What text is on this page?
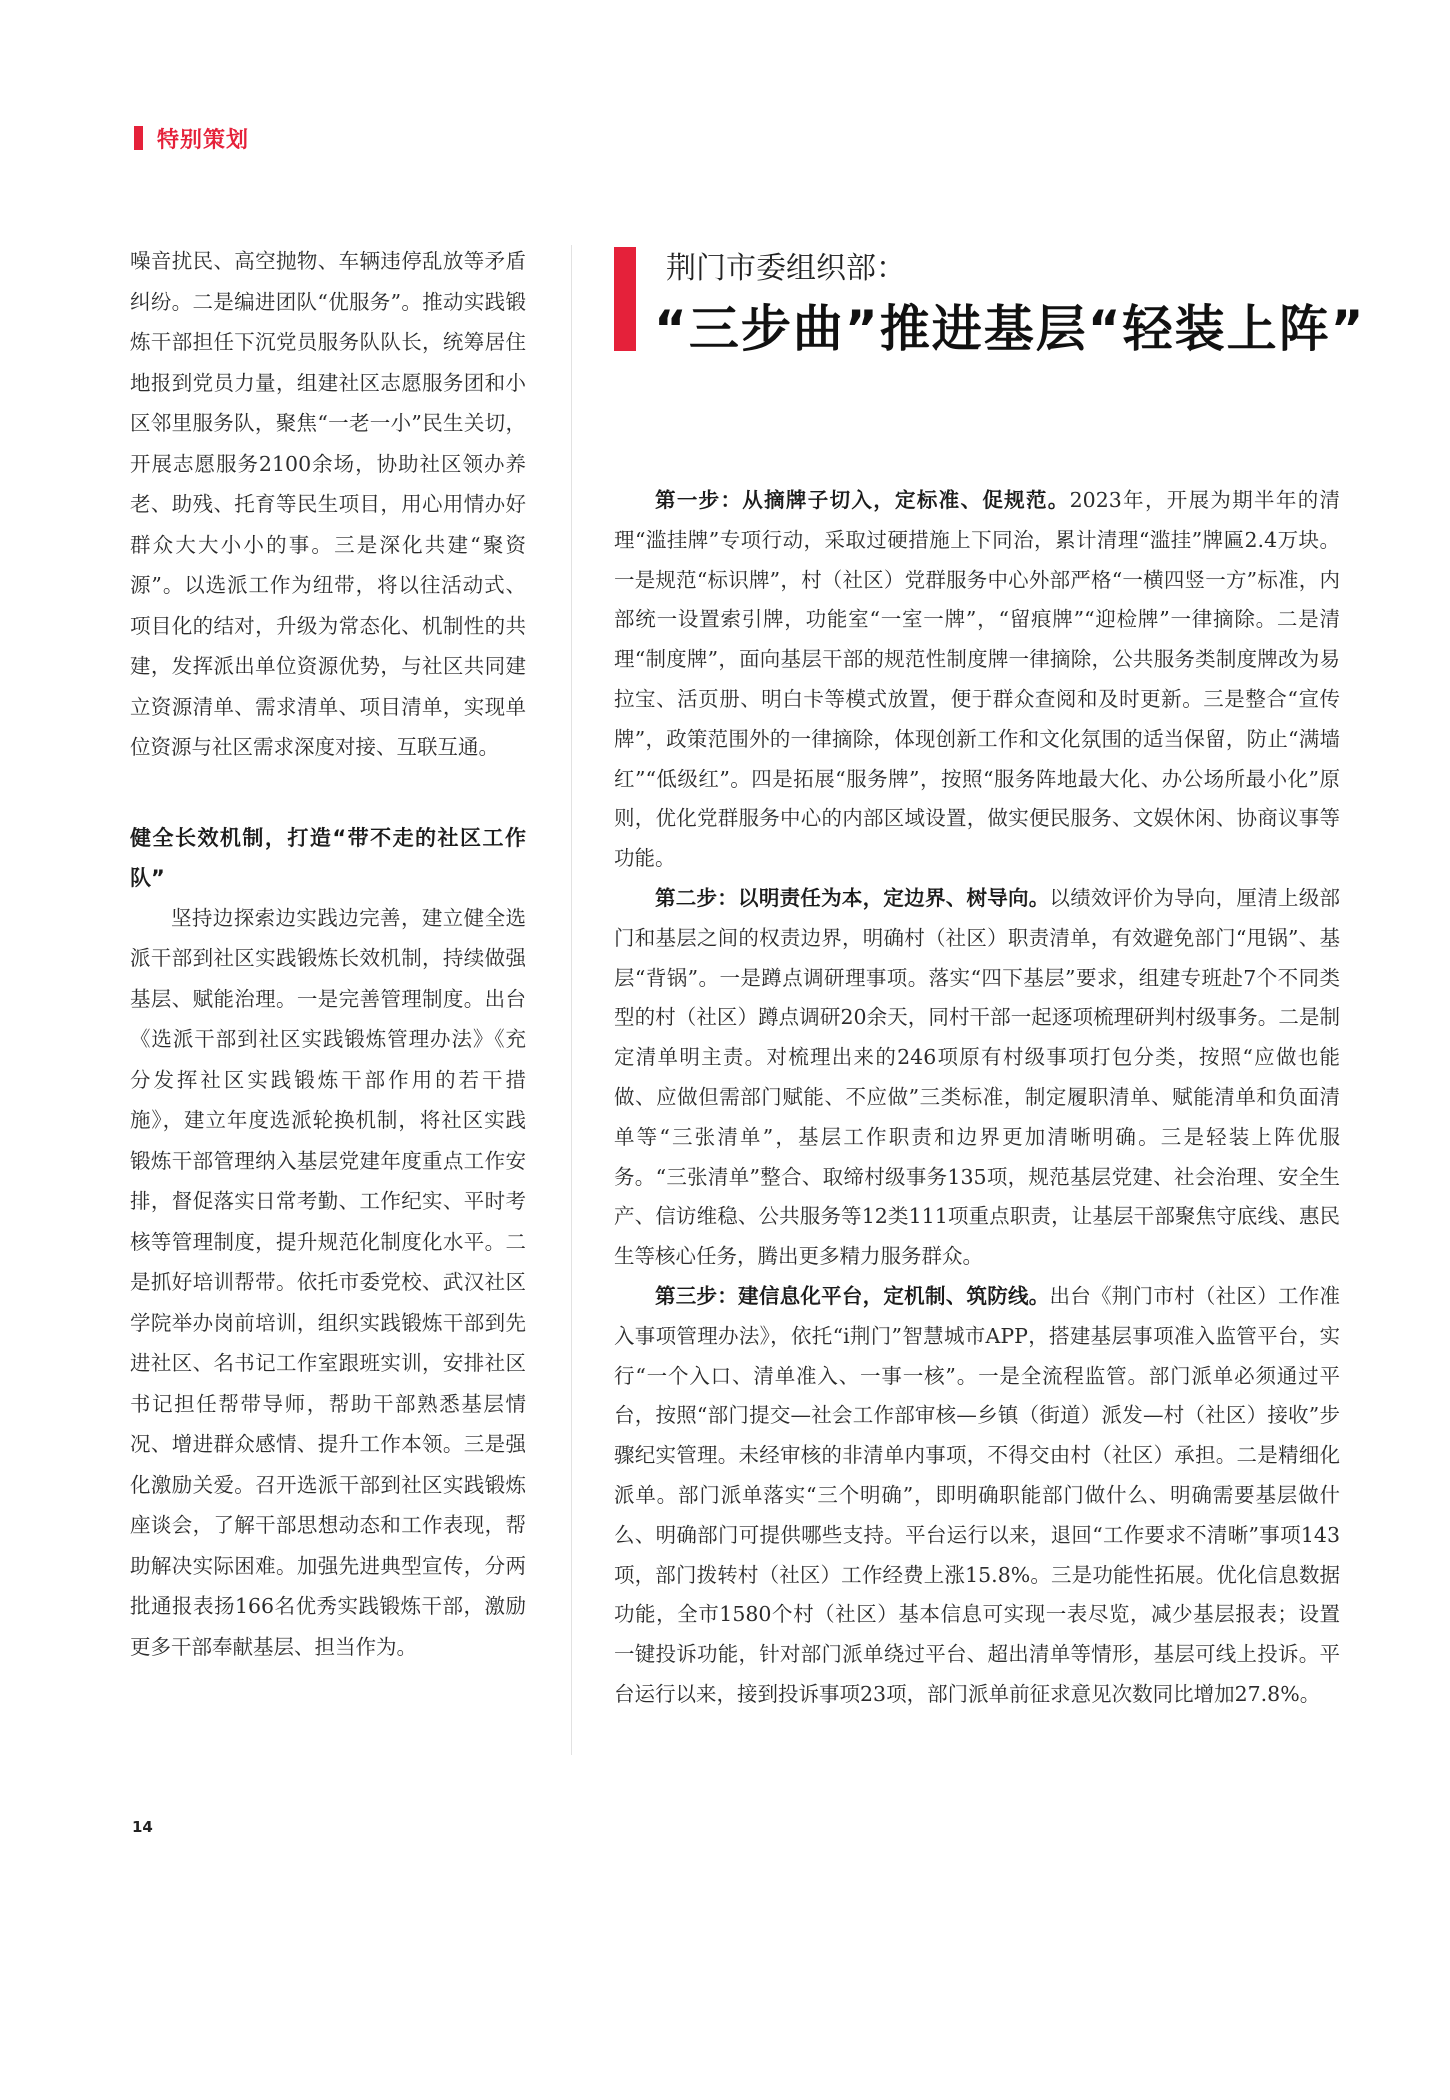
特别策划

噪音扰民、高空抛物、车辆违停乱放等矛盾纠纷。二是编进团队“优服务”。推动实践锻炼干部担任下沉党员服务队队长，统筹居住地报到党员力量，组建社区志愿服务团和小区邻里服务队，聚焦“一老一小”民生关切，开展志愿服务2100余场，协助社区领办养老、助残、托育等民生项目，用心用情办好群众大大小小的事。三是深化共建“聚资源”。以选派工作为纽带，将以往活动式、项目化的结对，升级为常态化、机制性的共建，发挥派出单位资源优势，与社区共同建立资源清单、需求清单、项目清单，实现单位资源与社区需求深度对接、互联互通。

健全长效机制，打造“带不走的社区工作队”

坚持边探索边实践边完善，建立健全选派干部到社区实践锻炼长效机制，持续做强基层、赋能治理。一是完善管理制度。出台《选派干部到社区实践锻炼管理办法》《充分发挥社区实践锻炼干部作用的若干措施》，建立年度选派轮换机制，将社区实践锻炼干部管理纳入基层党建年度重点工作安排，督促落实日常考勤、工作纪实、平时考核等管理制度，提升规范化制度化水平。二是抓好培训帮带。依托市委党校、武汉社区学院举办岗前培训，组织实践锻炼干部到先进社区、名书记工作室跟班实训，安排社区书记担任帮带导师，帮助干部熟悉基层情况、增进群众感情、提升工作本领。三是强化激励关爱。召开选派干部到社区实践锻炼座谈会，了解干部思想动态和工作表现，帮助解决实际困难。加强先进典型宣传，分两批通报表扬166名优秀实践锻炼干部，激励更多干部奉献基层、担当作为。

荆门市委组织部：
“三步曲”推进基层“轻装上阵”

第一步：从摘牌子切入，定标准、促规范。2023年，开展为期半年的清理“滥挂牌”专项行动，采取过硬措施上下同治，累计清理“滥挂”牌匾2.4万块。一是规范“标识牌”，村（社区）党群服务中心外部严格“一横四竖一方”标准，内部统一设置索引牌，功能室“一室一牌”，“留痕牌”“迎检牌”一律摘除。二是清理“制度牌”，面向基层干部的规范性制度牌一律摘除，公共服务类制度牌改为易拉宝、活页册、明白卡等模式放置，便于群众查阅和及时更新。三是整合“宣传牌”，政策范围外的一律摘除，体现创新工作和文化氛围的适当保留，防止“满墙红”“低级红”。四是拓展“服务牌”，按照“服务阵地最大化、办公场所最小化”原则，优化党群服务中心的内部区域设置，做实便民服务、文娱休闲、协商议事等功能。

第二步：以明责任为本，定边界、树导向。以绩效评价为导向，厘清上级部门和基层之间的权责边界，明确村（社区）职责清单，有效避免部门“甩锅”、基层“背锅”。一是蹲点调研理事项。落实“四下基层”要求，组建专班赴7个不同类型的村（社区）蹲点调研20余天，同村干部一起逐项梳理研判村级事务。二是制定清单明主责。对梳理出来的246项原有村级事项打包分类，按照“应做也能做、应做但需部门赋能、不应做”三类标准，制定履职清单、赋能清单和负面清单等“三张清单”，基层工作职责和边界更加清晰明确。三是轻装上阵优服务。“三张清单”整合、取缔村级事务135项，规范基层党建、社会治理、安全生产、信访维稳、公共服务等12类111项重点职责，让基层干部聚焦守底线、惠民生等核心任务，腾出更多精力服务群众。

第三步：建信息化平台，定机制、筑防线。出台《荆门市村（社区）工作准入事项管理办法》，依托“i荆门”智慧城市APP，搭建基层事项准入监管平台，实行“一个入口、清单准入、一事一核”。一是全流程监管。部门派单必须通过平台，按照“部门提交—社会工作部审核—乡镇（街道）派发—村（社区）接收”步骤纪实管理。未经审核的非清单内事项，不得交由村（社区）承担。二是精细化派单。部门派单落实“三个明确”，即明确职能部门做什么、明确需要基层做什么、明确部门可提供哪些支持。平台运行以来，退回“工作要求不清晰”事项143项，部门拨转村（社区）工作经费上涨15.8%。三是功能性拓展。优化信息数据功能，全市1580个村（社区）基本信息可实现一表尽览，减少基层报表；设置一键投诉功能，针对部门派单绕过平台、超出清单等情形，基层可线上投诉。平台运行以来，接到投诉事项23项，部门派单前征求意见次数同比增加27.8%。

14
